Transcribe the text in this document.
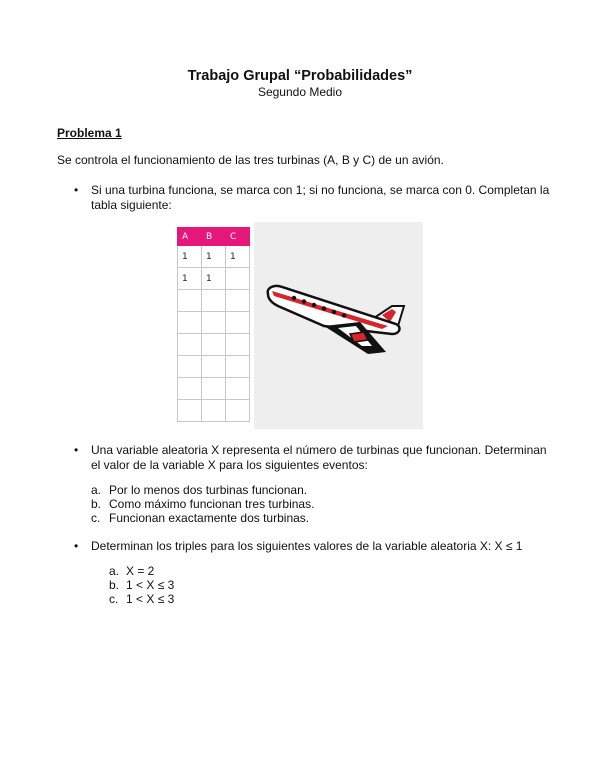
Trabajo Grupal “Probabilidades”
Segundo Medio
Problema 1
Se controla el funcionamiento de las tres turbinas (A, B y C) de un avión.
• Si una turbina funciona, se marca con 1; si no funciona, se marca con 0. Completan la
tabla siguiente:
A	B	C
1	1	1
1	1	

• Una variable aleatoria X representa el número de turbinas que funcionan. Determinan
el valor de la variable X para los siguientes eventos:
a. Por lo menos dos turbinas funcionan.
b. Como máximo funcionan tres turbinas.
c. Funcionan exactamente dos turbinas.
• Determinan los triples para los siguientes valores de la variable aleatoria X: X ≤ 1
a. X = 2
b. 1 < X ≤ 3
c. 1 < X ≤ 3
